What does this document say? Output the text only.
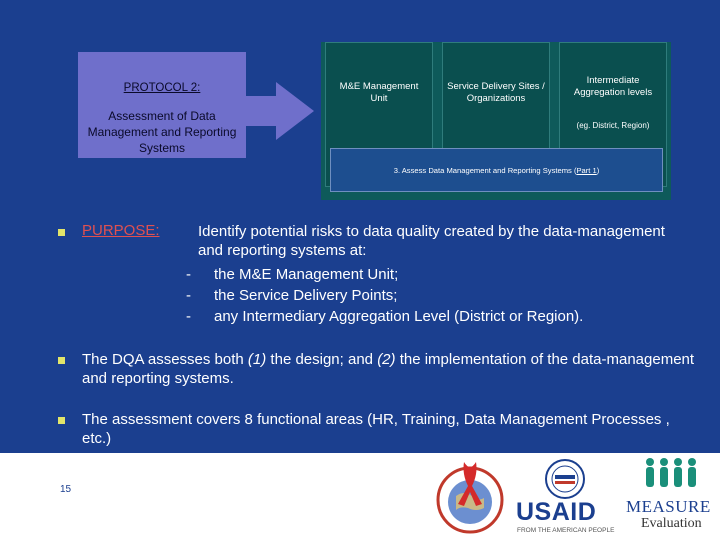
PROTOCOL 2:
Assessment of Data Management and Reporting Systems
M&E Management Unit
Service Delivery Sites / Organizations
Intermediate Aggregation levels
(eg. District, Region)
3. Assess Data Management and Reporting Systems (Part 1)
PURPOSE:	Identify potential risks to data quality created by the data-management and reporting systems at:
- the M&E Management Unit;
- the Service Delivery Points;
- any Intermediary Aggregation Level (District or Region).
The DQA assesses both (1) the design; and (2) the implementation of the data-management and reporting systems.
The assessment covers 8 functional areas (HR, Training, Data Management Processes , etc.)
15
USAID
FROM THE AMERICAN PEOPLE
MEASURE
Evaluation
